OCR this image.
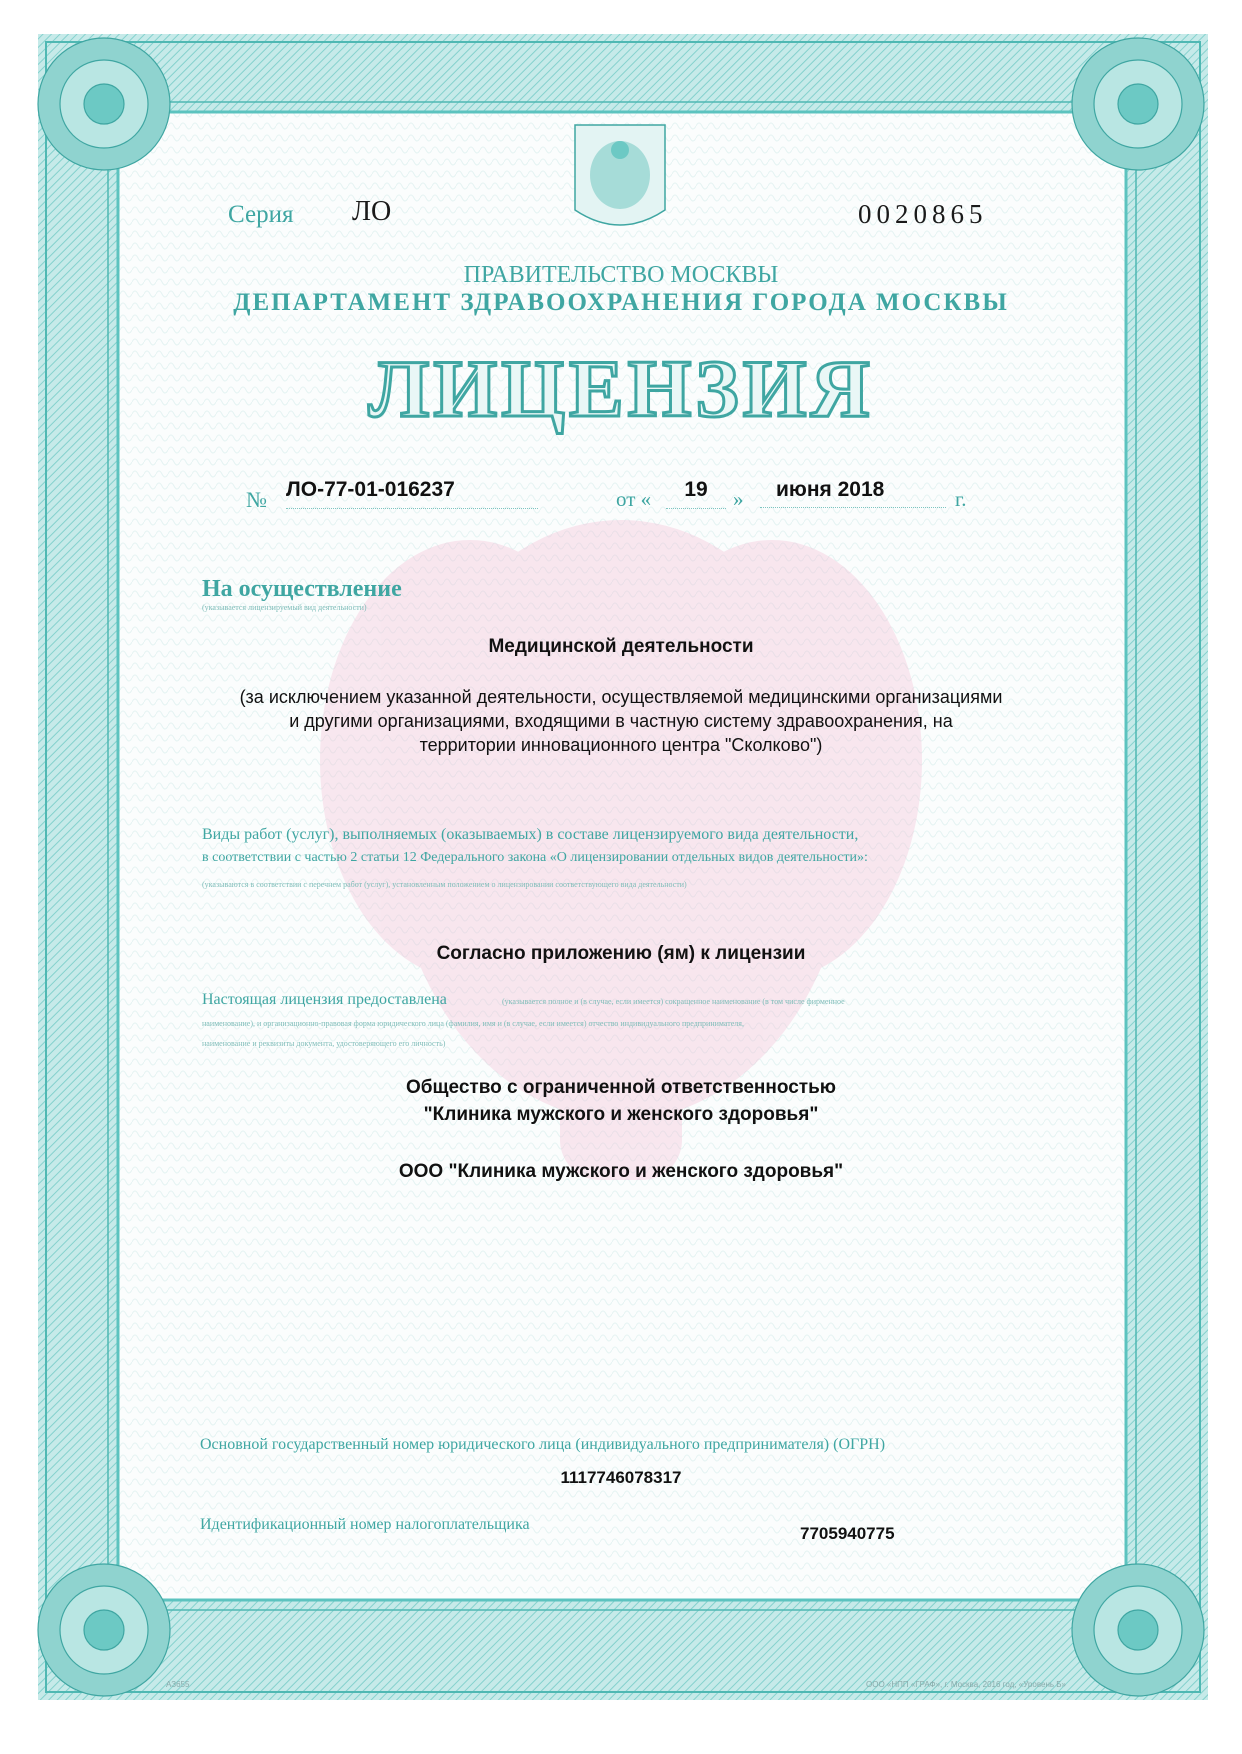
Серия ЛО	0020865
ПРАВИТЕЛЬСТВО МОСКВЫ
ДЕПАРТАМЕНТ ЗДРАВООХРАНЕНИЯ ГОРОДА МОСКВЫ
ЛИЦЕНЗИЯ
№ ЛО-77-01-016237	от «	19	»	июня 2018	г.
На осуществление
(указывается лицензируемый вид деятельности)
Медицинской деятельности
(за исключением указанной деятельности, осуществляемой медицинскими организациями
и другими организациями, входящими в частную систему здравоохранения, на
территории инновационного центра "Сколково")
Виды работ (услуг), выполняемых (оказываемых) в составе лицензируемого вида деятельности,
в соответствии с частью 2 статьи 12 Федерального закона «О лицензировании отдельных видов деятельности»:
(указываются в соответствии с перечнем работ (услуг), установленным положением о лицензировании соответствующего вида деятельности)
Согласно приложению (ям) к лицензии
Настоящая лицензия предоставлена	(указывается полное и (в случае, если имеется) сокращенное наименование (в том числе фирменное
наименование), и организационно-правовая форма юридического лица (фамилия, имя и (в случае, если имеется) отчество индивидуального предпринимателя,
наименование и реквизиты документа, удостоверяющего его личность)
Общество с ограниченной ответственностью
"Клиника мужского и женского здоровья"
ООО "Клиника мужского и женского здоровья"
Основной государственный номер юридического лица (индивидуального предпринимателя) (ОГРН)
1117746078317
Идентификационный номер налогоплательщика	7705940775
АЗ655	ООО «НПП «ГРАФ», г. Москва, 2016 год, «Уровень Б»
